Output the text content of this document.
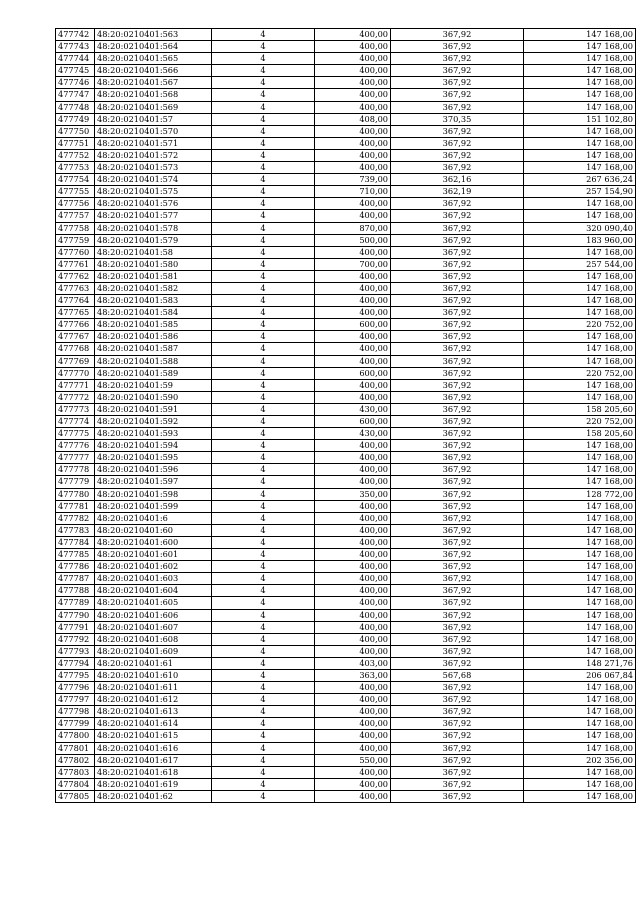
477742	48:20:0210401:563	4	400,00	367,92	147 168,00
477743	48:20:0210401:564	4	400,00	367,92	147 168,00
477744	48:20:0210401:565	4	400,00	367,92	147 168,00
477745	48:20:0210401:566	4	400,00	367,92	147 168,00
477746	48:20:0210401:567	4	400,00	367,92	147 168,00
477747	48:20:0210401:568	4	400,00	367,92	147 168,00
477748	48:20:0210401:569	4	400,00	367,92	147 168,00
477749	48:20:0210401:57	4	408,00	370,35	151 102,80
477750	48:20:0210401:570	4	400,00	367,92	147 168,00
477751	48:20:0210401:571	4	400,00	367,92	147 168,00
477752	48:20:0210401:572	4	400,00	367,92	147 168,00
477753	48:20:0210401:573	4	400,00	367,92	147 168,00
477754	48:20:0210401:574	4	739,00	362,16	267 636,24
477755	48:20:0210401:575	4	710,00	362,19	257 154,90
477756	48:20:0210401:576	4	400,00	367,92	147 168,00
477757	48:20:0210401:577	4	400,00	367,92	147 168,00
477758	48:20:0210401:578	4	870,00	367,92	320 090,40
477759	48:20:0210401:579	4	500,00	367,92	183 960,00
477760	48:20:0210401:58	4	400,00	367,92	147 168,00
477761	48:20:0210401:580	4	700,00	367,92	257 544,00
477762	48:20:0210401:581	4	400,00	367,92	147 168,00
477763	48:20:0210401:582	4	400,00	367,92	147 168,00
477764	48:20:0210401:583	4	400,00	367,92	147 168,00
477765	48:20:0210401:584	4	400,00	367,92	147 168,00
477766	48:20:0210401:585	4	600,00	367,92	220 752,00
477767	48:20:0210401:586	4	400,00	367,92	147 168,00
477768	48:20:0210401:587	4	400,00	367,92	147 168,00
477769	48:20:0210401:588	4	400,00	367,92	147 168,00
477770	48:20:0210401:589	4	600,00	367,92	220 752,00
477771	48:20:0210401:59	4	400,00	367,92	147 168,00
477772	48:20:0210401:590	4	400,00	367,92	147 168,00
477773	48:20:0210401:591	4	430,00	367,92	158 205,60
477774	48:20:0210401:592	4	600,00	367,92	220 752,00
477775	48:20:0210401:593	4	430,00	367,92	158 205,60
477776	48:20:0210401:594	4	400,00	367,92	147 168,00
477777	48:20:0210401:595	4	400,00	367,92	147 168,00
477778	48:20:0210401:596	4	400,00	367,92	147 168,00
477779	48:20:0210401:597	4	400,00	367,92	147 168,00
477780	48:20:0210401:598	4	350,00	367,92	128 772,00
477781	48:20:0210401:599	4	400,00	367,92	147 168,00
477782	48:20:0210401:6	4	400,00	367,92	147 168,00
477783	48:20:0210401:60	4	400,00	367,92	147 168,00
477784	48:20:0210401:600	4	400,00	367,92	147 168,00
477785	48:20:0210401:601	4	400,00	367,92	147 168,00
477786	48:20:0210401:602	4	400,00	367,92	147 168,00
477787	48:20:0210401:603	4	400,00	367,92	147 168,00
477788	48:20:0210401:604	4	400,00	367,92	147 168,00
477789	48:20:0210401:605	4	400,00	367,92	147 168,00
477790	48:20:0210401:606	4	400,00	367,92	147 168,00
477791	48:20:0210401:607	4	400,00	367,92	147 168,00
477792	48:20:0210401:608	4	400,00	367,92	147 168,00
477793	48:20:0210401:609	4	400,00	367,92	147 168,00
477794	48:20:0210401:61	4	403,00	367,92	148 271,76
477795	48:20:0210401:610	4	363,00	567,68	206 067,84
477796	48:20:0210401:611	4	400,00	367,92	147 168,00
477797	48:20:0210401:612	4	400,00	367,92	147 168,00
477798	48:20:0210401:613	4	400,00	367,92	147 168,00
477799	48:20:0210401:614	4	400,00	367,92	147 168,00
477800	48:20:0210401:615	4	400,00	367,92	147 168,00
477801	48:20:0210401:616	4	400,00	367,92	147 168,00
477802	48:20:0210401:617	4	550,00	367,92	202 356,00
477803	48:20:0210401:618	4	400,00	367,92	147 168,00
477804	48:20:0210401:619	4	400,00	367,92	147 168,00
477805	48:20:0210401:62	4	400,00	367,92	147 168,00
